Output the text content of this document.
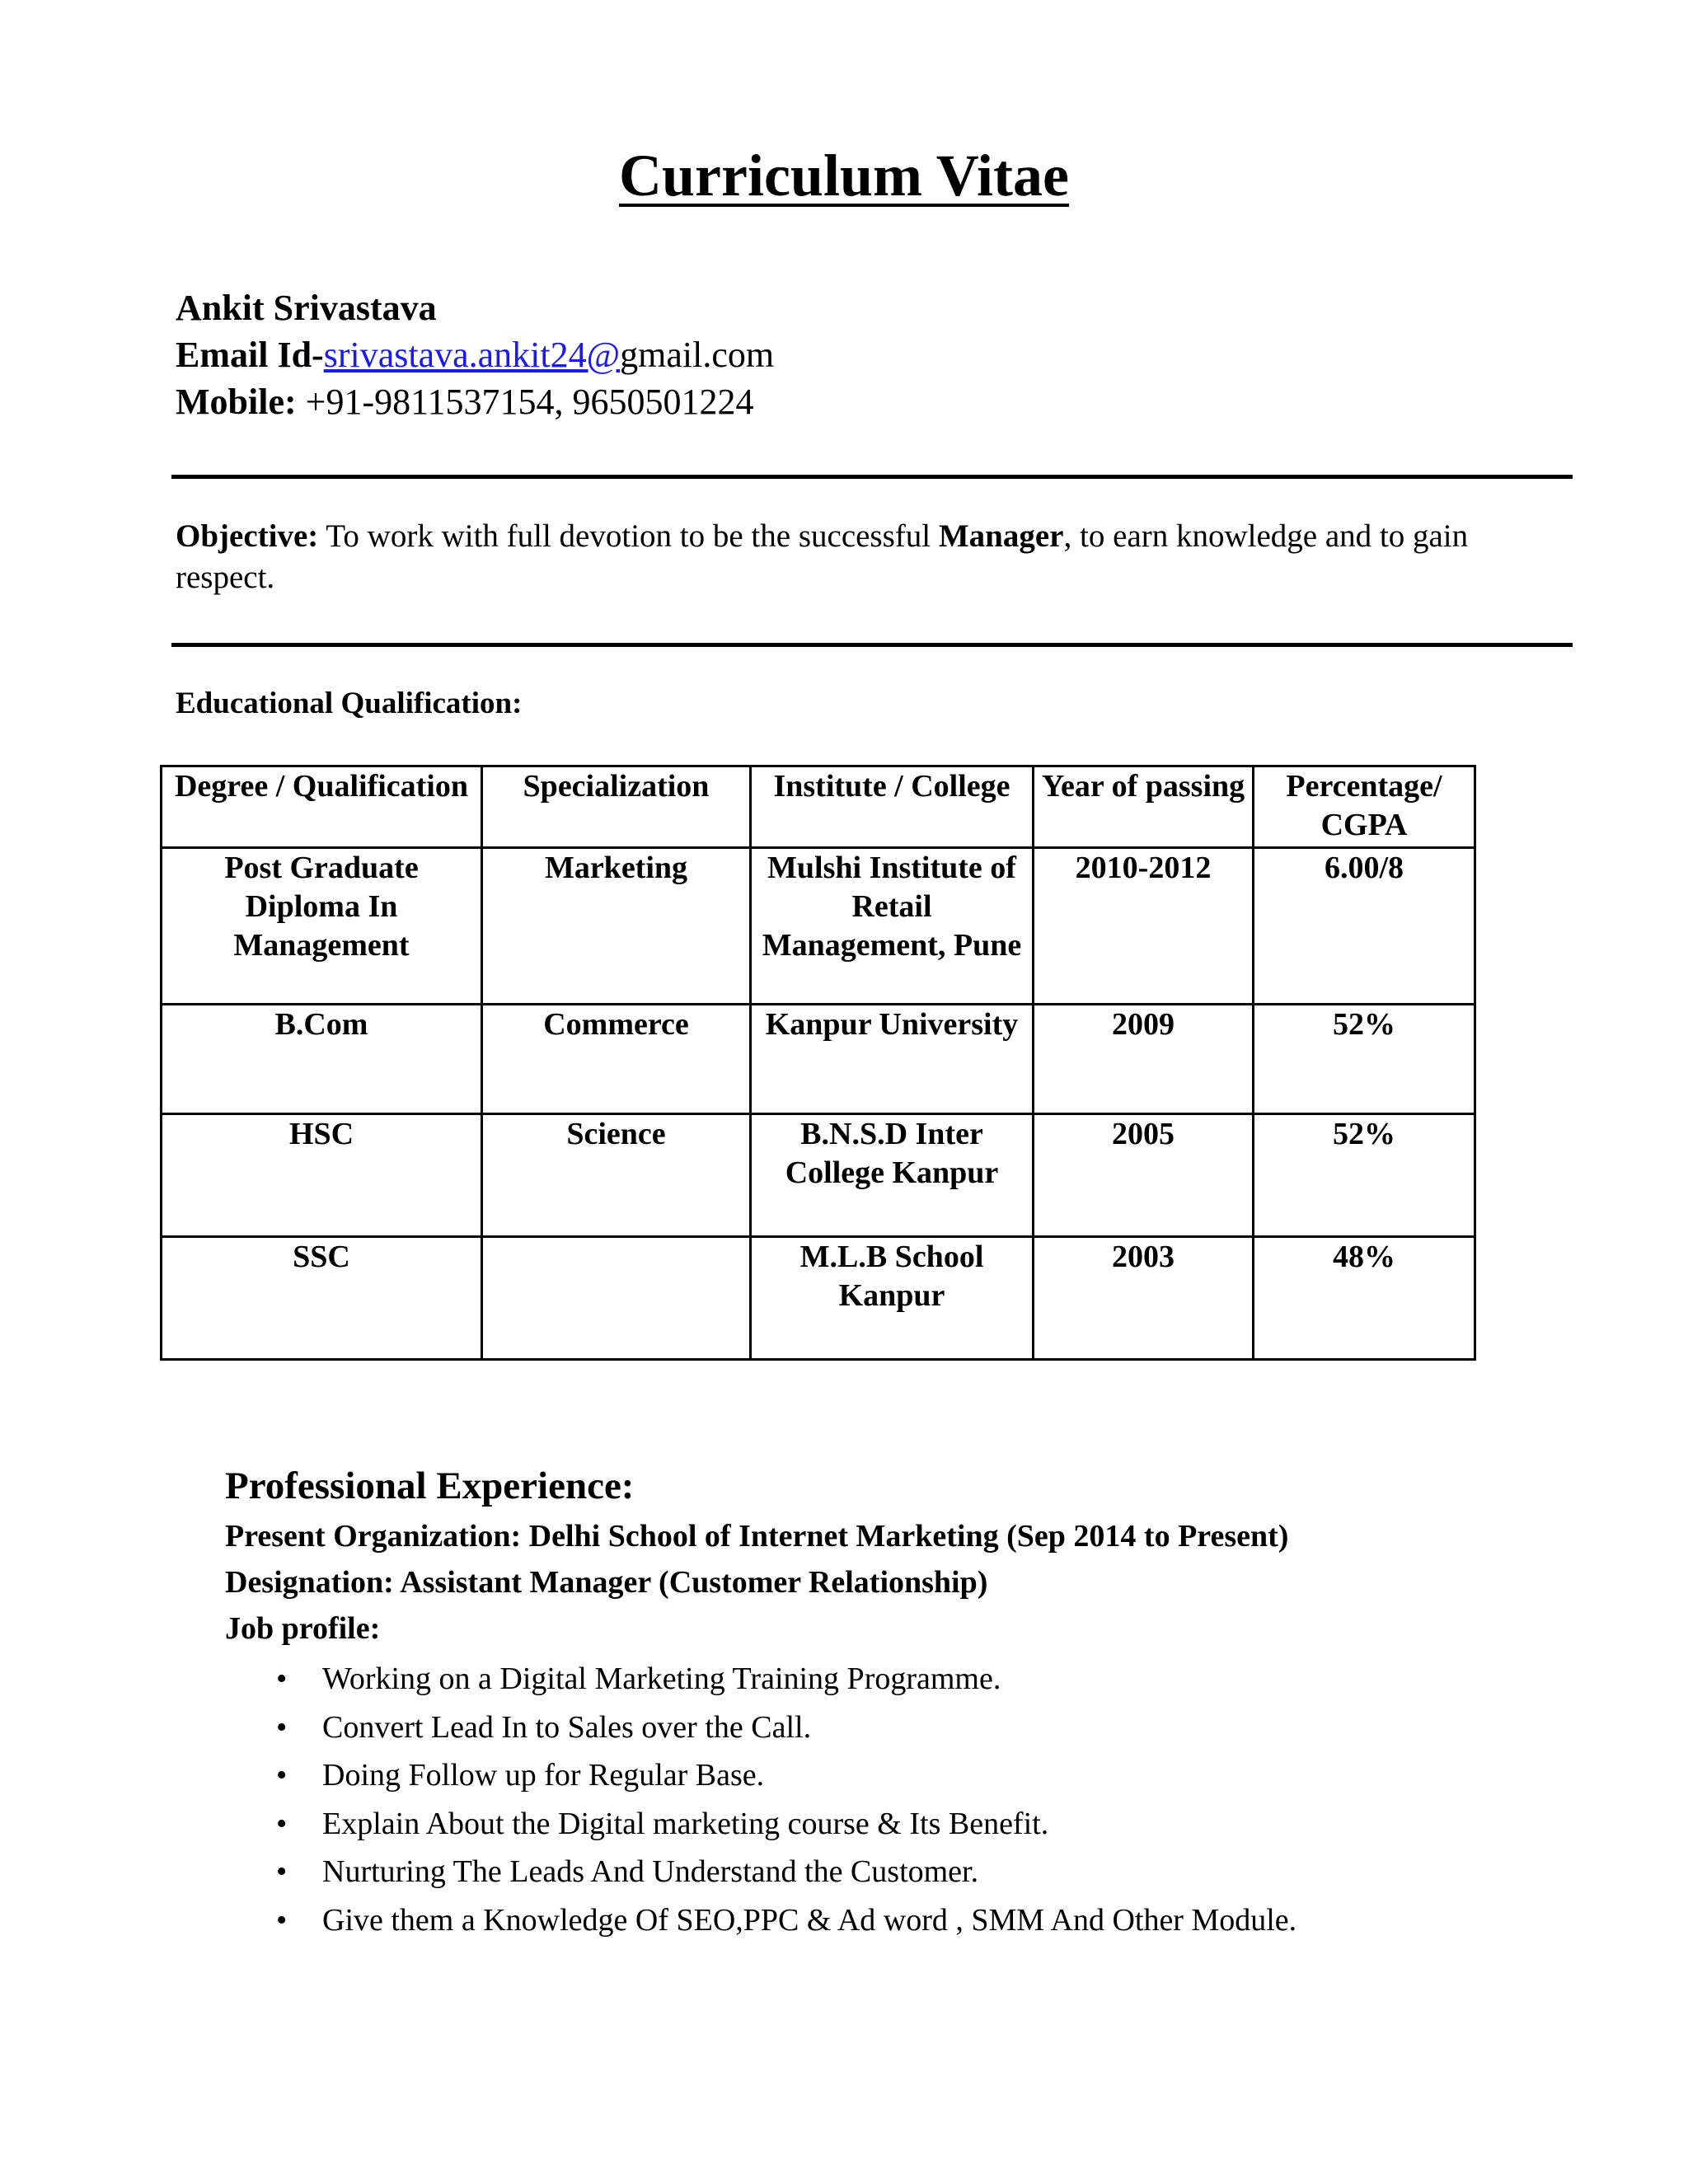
Curriculum Vitae
Ankit Srivastava
Email Id-srivastava.ankit24@gmail.com
Mobile: +91-9811537154, 9650501224
Objective: To work with full devotion to be the successful Manager, to earn knowledge and to gain respect.
Educational Qualification:
Degree / Qualification	Specialization	Institute / College	Year of passing	Percentage/ CGPA
Post Graduate Diploma In Management	Marketing	Mulshi Institute of Retail Management, Pune	2010-2012	6.00/8
B.Com	Commerce	Kanpur University	2009	52%
HSC	Science	B.N.S.D Inter College Kanpur	2005	52%
SSC		M.L.B School Kanpur	2003	48%
Professional Experience:
Present Organization: Delhi School of Internet Marketing (Sep 2014 to Present)
Designation: Assistant Manager (Customer Relationship)
Job profile:
• Working on a Digital Marketing Training Programme.
• Convert Lead In to Sales over the Call.
• Doing Follow up for Regular Base.
• Explain About the Digital marketing course & Its Benefit.
• Nurturing The Leads And Understand the Customer.
• Give them a Knowledge Of SEO,PPC & Ad word , SMM And Other Module.
